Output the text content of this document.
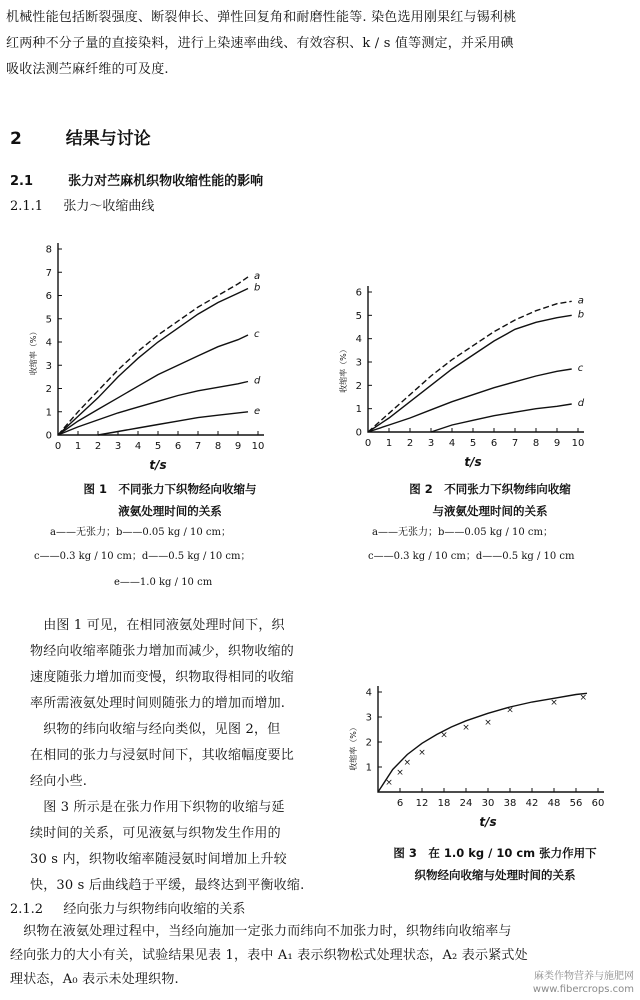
机械性能包括断裂强度、断裂伸长、弹性回复角和耐磨性能等. 染色选用刚果红与锡利桃
红两种不分子量的直接染料，进行上染速率曲线、有效容积、k / s 值等测定，并采用碘
吸收法测苎麻纤维的可及度.
2	结果与讨论
2.1	张力对苎麻机织物收缩性能的影响
2.1.1 张力～收缩曲线
0 1 2 3 4 5 6 7 8 9 10
0
1
2
3
4
5
6
7
8
t/s
收缩率（%）
a
b
c
d
e
图 1　不同张力下织物经向收缩与
液氨处理时间的关系
a——无张力；b——0.05 kg / 10 cm；
c——0.3 kg / 10 cm；d——0.5 kg / 10 cm；
e——1.0 kg / 10 cm
0 1 2 3 4 5 6 7 8 9 10
0
1
2
3
4
5
6
t/s
收缩率（%）
a
b
c
d
图 2　不同张力下织物纬向收缩
与液氨处理时间的关系
a——无张力；b——0.05 kg / 10 cm；
c——0.3 kg / 10 cm；d——0.5 kg / 10 cm
　由图 1 可见，在相同液氨处理时间下，织
物经向收缩率随张力增加而减少，织物收缩的
速度随张力增加而变慢，织物取得相同的收缩
率所需液氨处理时间则随张力的增加而增加.
　织物的纬向收缩与经向类似，见图 2，但
在相同的张力与浸氨时间下，其收缩幅度要比
经向小些.
　图 3 所示是在张力作用下织物的收缩与延
续时间的关系，可见液氨与织物发生作用的
30 s 内，织物收缩率随浸氨时间增加上升较
快，30 s 后曲线趋于平缓，最终达到平衡收缩.
6 12 18 24 30 38 42 48 56 60
1
2
3
4
t/s
收缩率（%）
×
×
×
×
×
× ×
×
× ×
图 3　在 1.0 kg / 10 cm 张力作用下
织物经向收缩与处理时间的关系
2.1.2 经向张力与织物纬向收缩的关系
　织物在液氨处理过程中，当经向施加一定张力而纬向不加张力时，织物纬向收缩率与
经向张力的大小有关，试验结果见表 1，表中 A₁ 表示织物松式处理状态，A₂ 表示紧式处
理状态，A₀ 表示未处理织物.	麻类作物营养与施肥网
www.fibercrops.com
